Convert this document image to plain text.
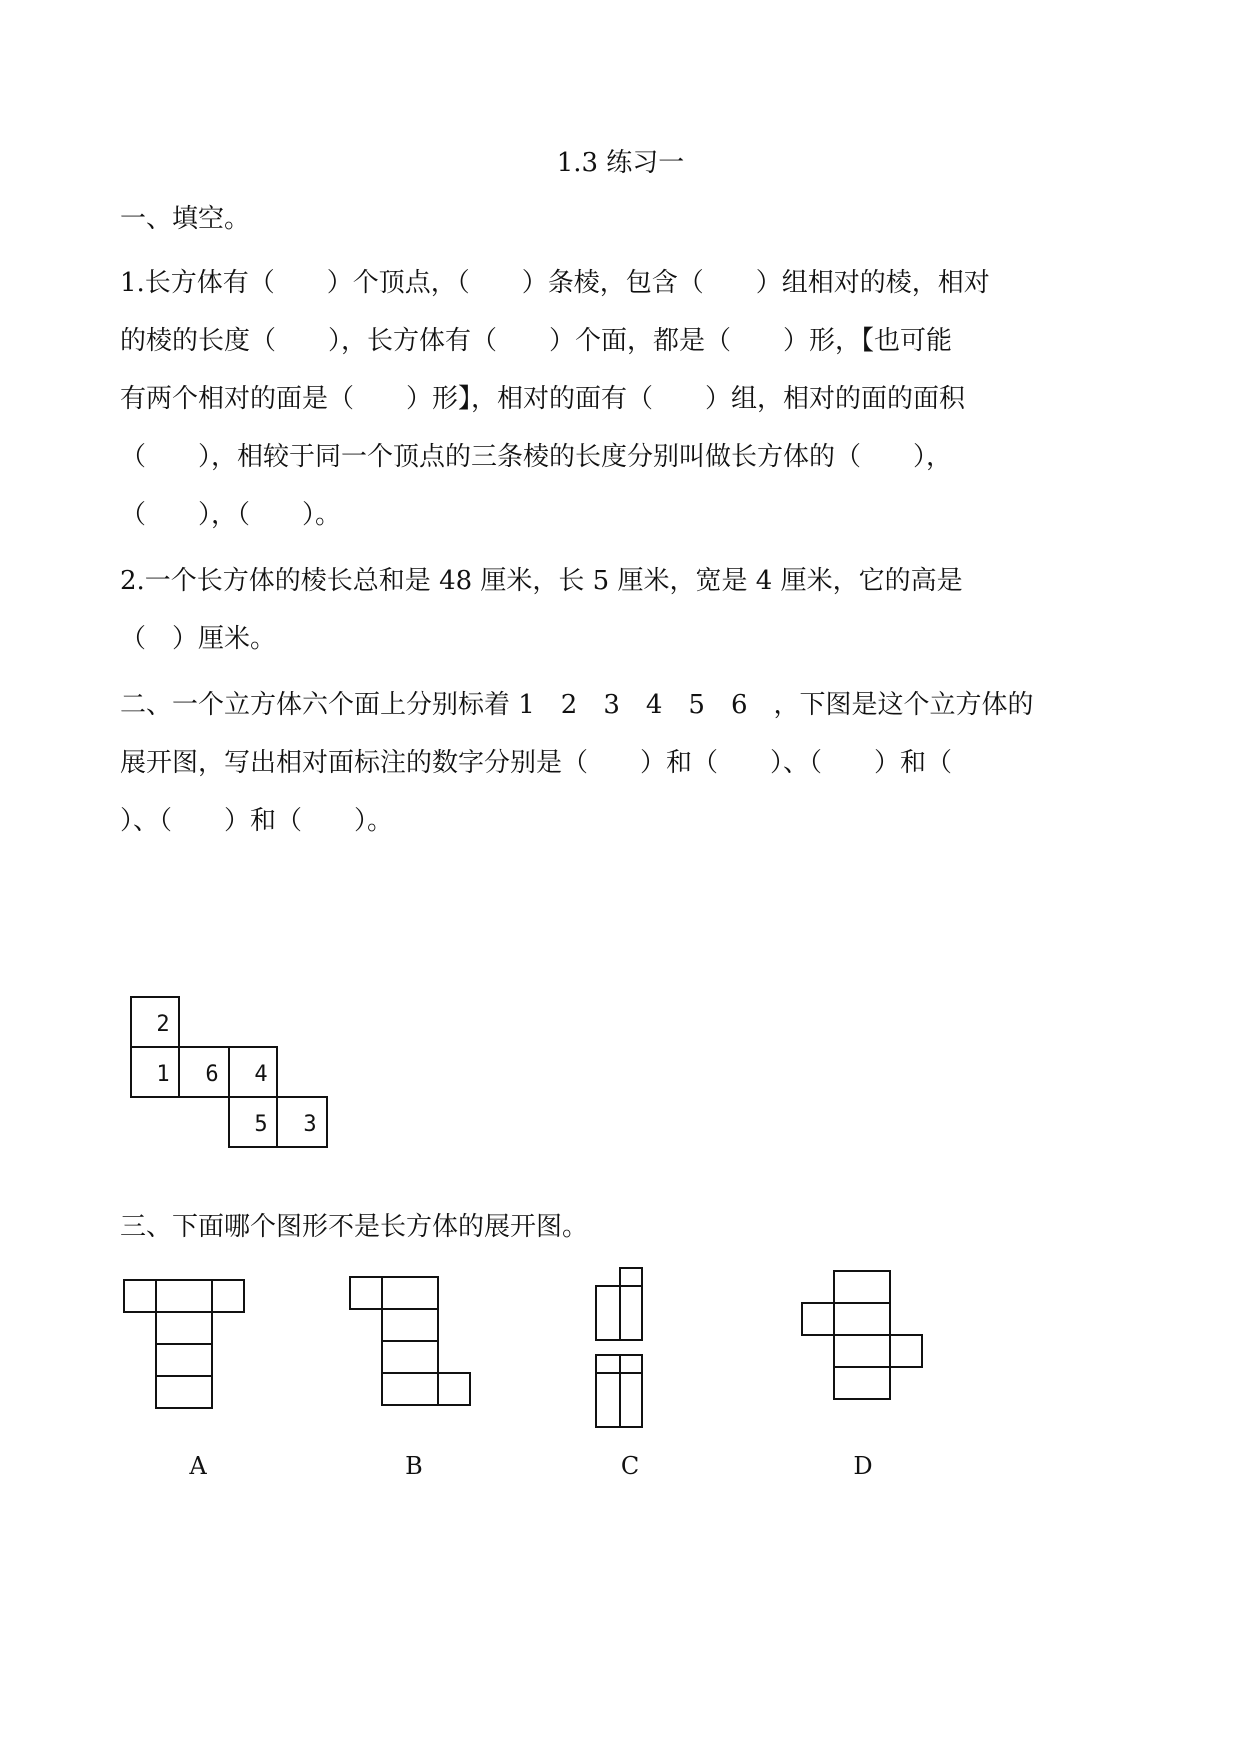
1.3 练习一
一、填空。
1.长方体有（　　）个顶点，（　　）条棱，包含（　　）组相对的棱，相对
的棱的长度（　　），长方体有（　　）个面，都是（　　）形，【也可能
有两个相对的面是（　　）形】，相对的面有（　　）组，相对的面的面积
（　　），相较于同一个顶点的三条棱的长度分别叫做长方体的（　　），
（　　），（　　）。
2.一个长方体的棱长总和是 48 厘米，长 5 厘米，宽是 4 厘米，它的高是
（　）厘米。
二、一个立方体六个面上分别标着 1　2　3　4　5　6　，下图是这个立方体的
展开图，写出相对面标注的数字分别是（　　）和（　　）、（　　）和（
）、（　　）和（　　）。
2
1 6 4
5 3
三、下面哪个图形不是长方体的展开图。
A	B	C	D
